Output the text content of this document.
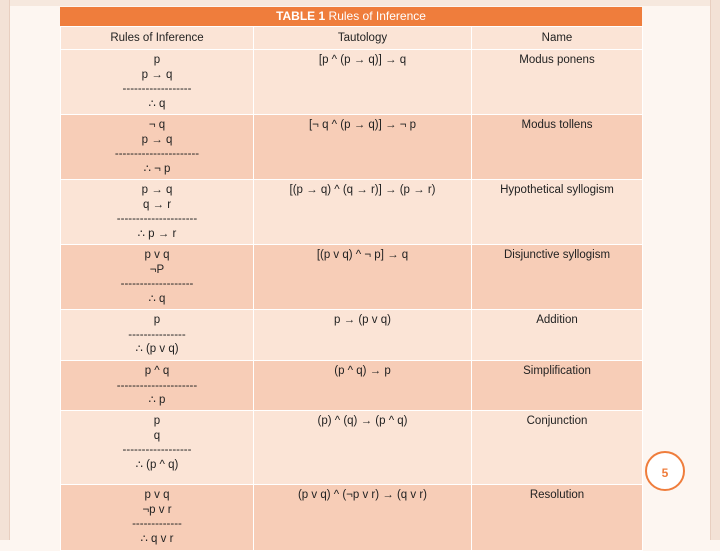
TABLE 1 Rules of Inference
Rules of Inference	Tautology	Name

p
p → q
------------------
∴ q	[p ^ (p → q)] → q	Modus ponens

¬ q
p → q
----------------------
∴ ¬ p	[¬ q ^ (p → q)] → ¬ p	Modus tollens

p → q
q → r
---------------------
∴ p → r	[(p → q) ^ (q → r)] → (p → r)	Hypothetical syllogism

p v q
¬P
-------------------
∴ q	[(p v q) ^ ¬ p] → q	Disjunctive syllogism

p
---------------
∴ (p v q)	p → (p v q)	Addition

p ^ q
---------------------
∴ p	(p ^ q) → p	Simplification

p
q
------------------
∴ (p ^ q)	(p) ^ (q) → (p ^ q)	Conjunction

p v q
¬p v r
-------------
∴ q v r	(p v q) ^ (¬p v r) → (q v r)	Resolution
5
